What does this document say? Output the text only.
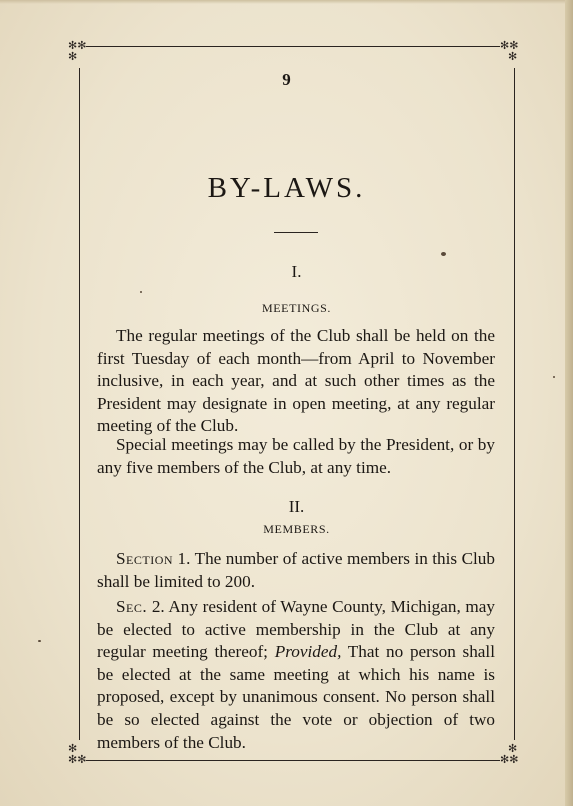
✻✻
✻
✻✻
✻
✻
✻✻
✻
✻✻
9
BY-LAWS.
I.
MEETINGS.

The regular meetings of the Club shall be held on the first Tuesday of each month—from April to November inclusive, in each year, and at such other times as the President may designate in open meeting, at any regular meeting of the Club.

Special meetings may be called by the President, or by any five members of the Club, at any time.

II.
MEMBERS.

Section 1. The number of active members in this Club shall be limited to 200.

Sec. 2. Any resident of Wayne County, Michigan, may be elected to active membership in the Club at any regular meeting thereof; Provided, That no person shall be elected at the same meeting at which his name is proposed, except by unanimous consent. No person shall be so elected against the vote or objection of two members of the Club.
